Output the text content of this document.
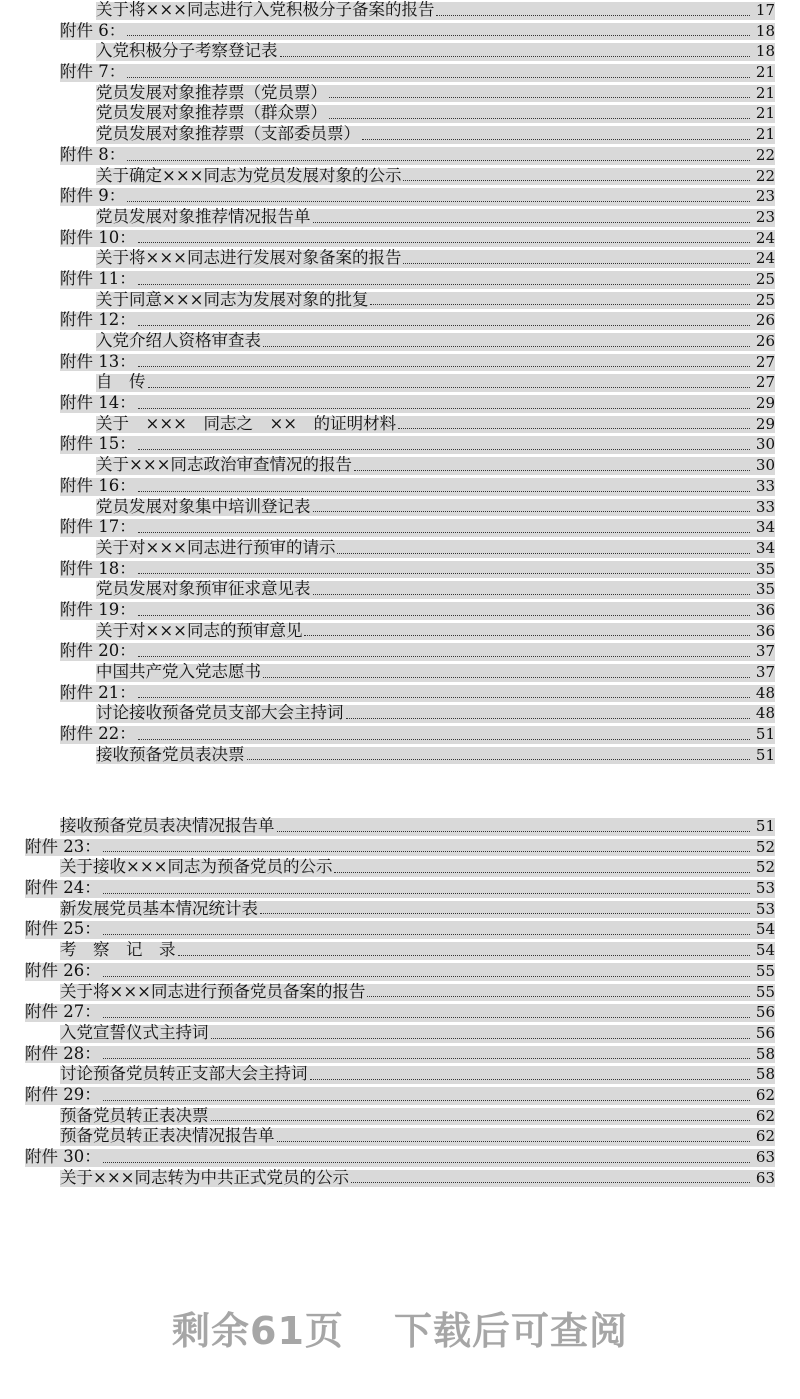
关于将×××同志进行入党积极分子备案的报告	17
附件 6：	18
入党积极分子考察登记表	18
附件 7：	21
党员发展对象推荐票（党员票）	21
党员发展对象推荐票（群众票）	21
党员发展对象推荐票（支部委员票）	21
附件 8：	22
关于确定×××同志为党员发展对象的公示	22
附件 9：	23
党员发展对象推荐情况报告单	23
附件 10：	24
关于将×××同志进行发展对象备案的报告	24
附件 11：	25
关于同意×××同志为发展对象的批复	25
附件 12：	26
入党介绍人资格审查表	26
附件 13：	27
自　传	27
附件 14：	29
关于　×××　同志之　××　的证明材料	29
附件 15：	30
关于×××同志政治审查情况的报告	30
附件 16：	33
党员发展对象集中培训登记表	33
附件 17：	34
关于对×××同志进行预审的请示	34
附件 18：	35
党员发展对象预审征求意见表	35
附件 19：	36
关于对×××同志的预审意见	36
附件 20：	37
中国共产党入党志愿书	37
附件 21：	48
讨论接收预备党员支部大会主持词	48
附件 22：	51
接收预备党员表决票	51
接收预备党员表决情况报告单	51
附件 23：	52
关于接收×××同志为预备党员的公示	52
附件 24：	53
新发展党员基本情况统计表	53
附件 25：	54
考　察　记　录	54
附件 26：	55
关于将×××同志进行预备党员备案的报告	55
附件 27：	56
入党宣誓仪式主持词	56
附件 28：	58
讨论预备党员转正支部大会主持词	58
附件 29：	62
预备党员转正表决票	62
预备党员转正表决情况报告单	62
附件 30：	63
关于×××同志转为中共正式党员的公示	63
剩余61页 下载后可查阅
